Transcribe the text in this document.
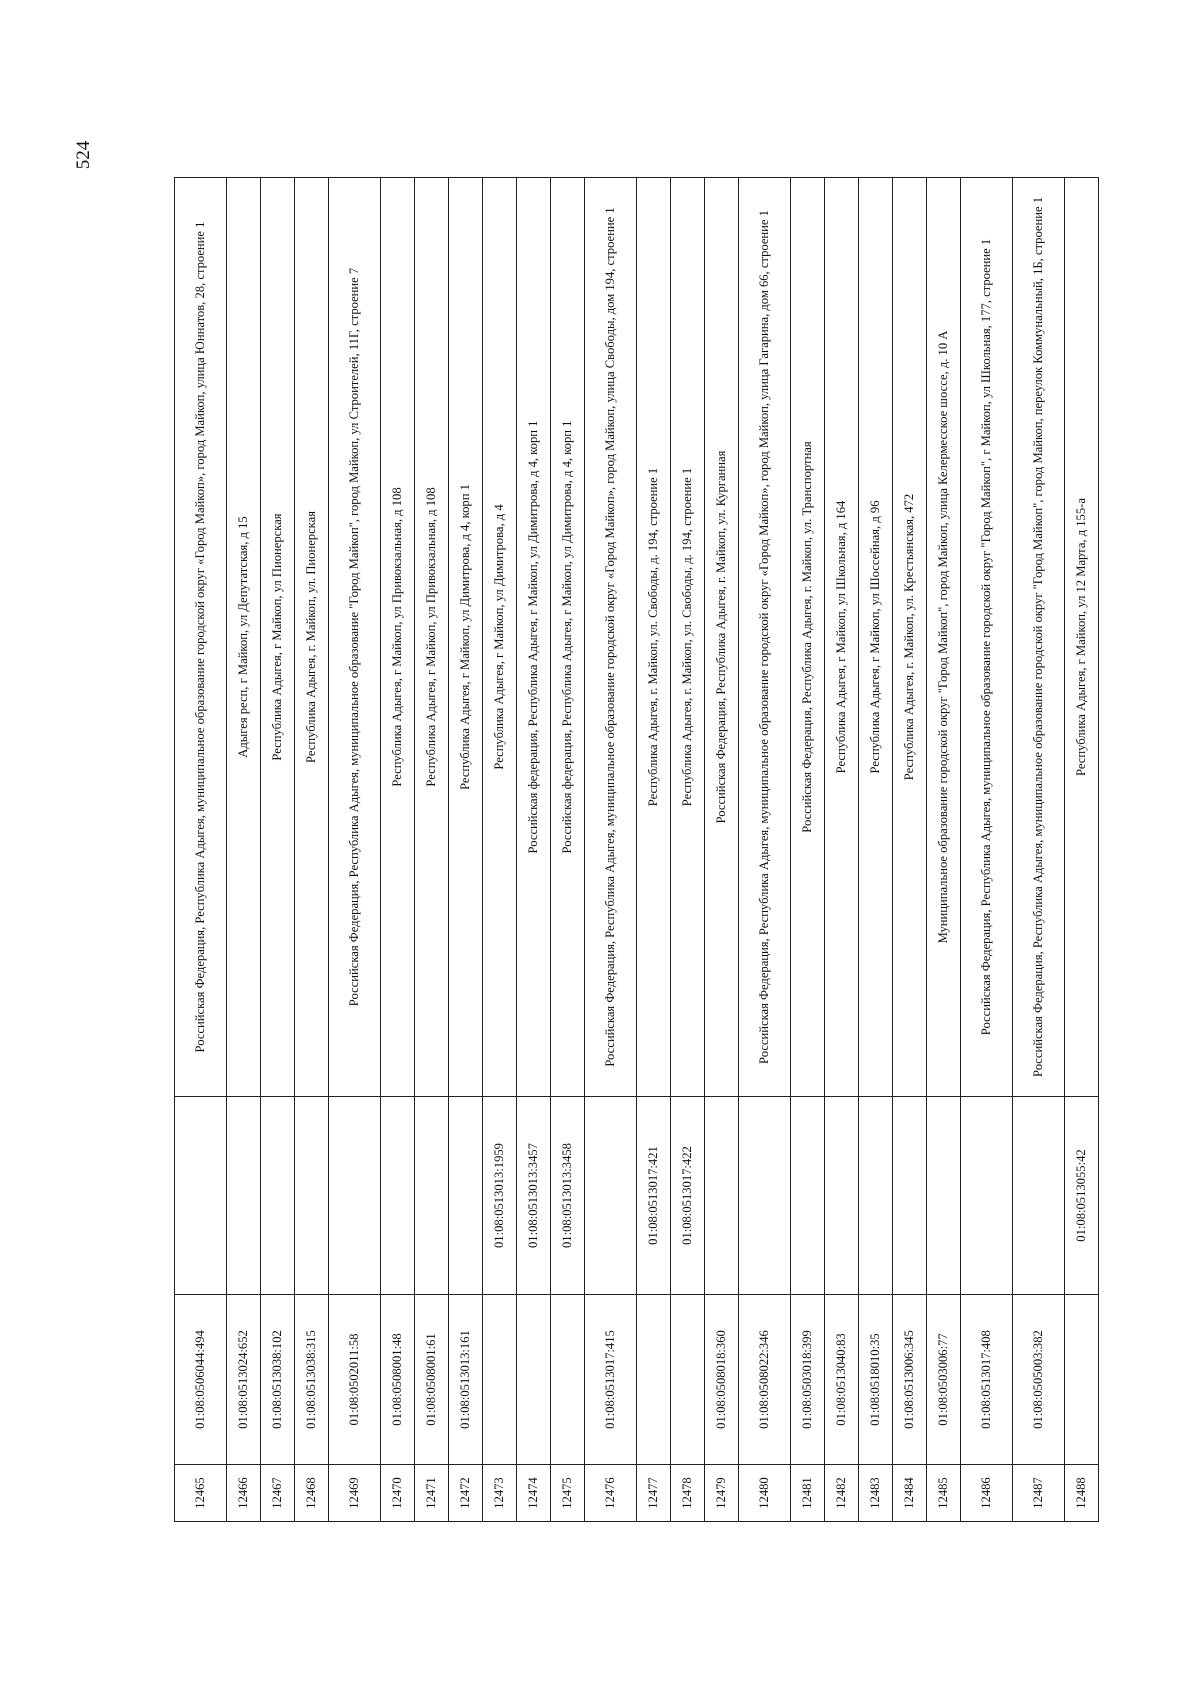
524
12465	01:08:0506044:494		Российская Федерация, Республика Адыгея, муниципальное образование городской округ «Город Майкоп», город Майкоп, улица Юннатов, 28, строение 1
12466	01:08:0513024:652		Адыгея респ, г Майкоп, ул Депутатская, д 15
12467	01:08:0513038:102		Республика Адыгея, г Майкоп, ул Пионерская
12468	01:08:0513038:315		Республика Адыгея, г. Майкоп, ул. Пионерская
12469	01:08:0502011:58		Российская Федерация, Республика Адыгея, муниципальное образование "Город Майкоп", город Майкоп, ул Строителей, 11Г, строение 7
12470	01:08:0508001:48		Республика Адыгея, г Майкоп, ул Привокзальная, д 108
12471	01:08:0508001:61		Республика Адыгея, г Майкоп, ул Привокзальная, д 108
12472	01:08:0513013:161		Республика Адыгея, г Майкоп, ул Димитрова, д 4, корп 1
12473		01:08:0513013:1959	Республика Адыгея, г Майкоп, ул Димитрова, д 4
12474		01:08:0513013:3457	Российская федерация, Республика Адыгея, г Майкоп, ул Димитрова, д 4, корп 1
12475		01:08:0513013:3458	Российская федерация, Республика Адыгея, г Майкоп, ул Димитрова, д 4, корп 1
12476	01:08:0513017:415		Российская Федерация, Республика Адыгея, муниципальное образование городской округ «Город Майкоп», город Майкоп, улица Свободы, дом 194, строение 1
12477		01:08:0513017:421	Республика Адыгея, г. Майкоп, ул. Свободы, д. 194, строение 1
12478		01:08:0513017:422	Республика Адыгея, г. Майкоп, ул. Свободы, д. 194, строение 1
12479	01:08:0508018:360		Российская Федерация, Республика Адыгея, г. Майкоп, ул. Курганная
12480	01:08:0508022:346		Российская Федерация, Республика Адыгея, муниципальное образование городской округ «Город Майкоп», город Майкоп, улица Гагарина, дом 66, строение 1
12481	01:08:0503018:399		Российская Федерация, Республика Адыгея, г. Майкоп, ул. Транспортная
12482	01:08:0513040:83		Республика Адыгея, г Майкоп, ул Школьная, д 164
12483	01:08:0518010:35		Республика Адыгея, г Майкоп, ул Шоссейная, д 96
12484	01:08:0513006:345		Республика Адыгея, г. Майкоп, ул. Крестьянская, 472
12485	01:08:0503006:77		Муниципальное образование городской округ "Город Майкоп", город Майкоп, улица Келермесское шоссе, д. 10 А
12486	01:08:0513017:408		Российская Федерация, Республика Адыгея, муниципальное образование городской округ "Город Майкоп", г Майкоп, ул Школьная, 177, строение 1
12487	01:08:0505003:382		Российская Федерация, Республика Адыгея, муниципальное образование городской округ "Город Майкоп", город Майкоп, переулок Коммунальный, 1Б, строение 1
12488		01:08:0513055:42	Республика Адыгея, г Майкоп, ул 12 Марта, д 155-а
